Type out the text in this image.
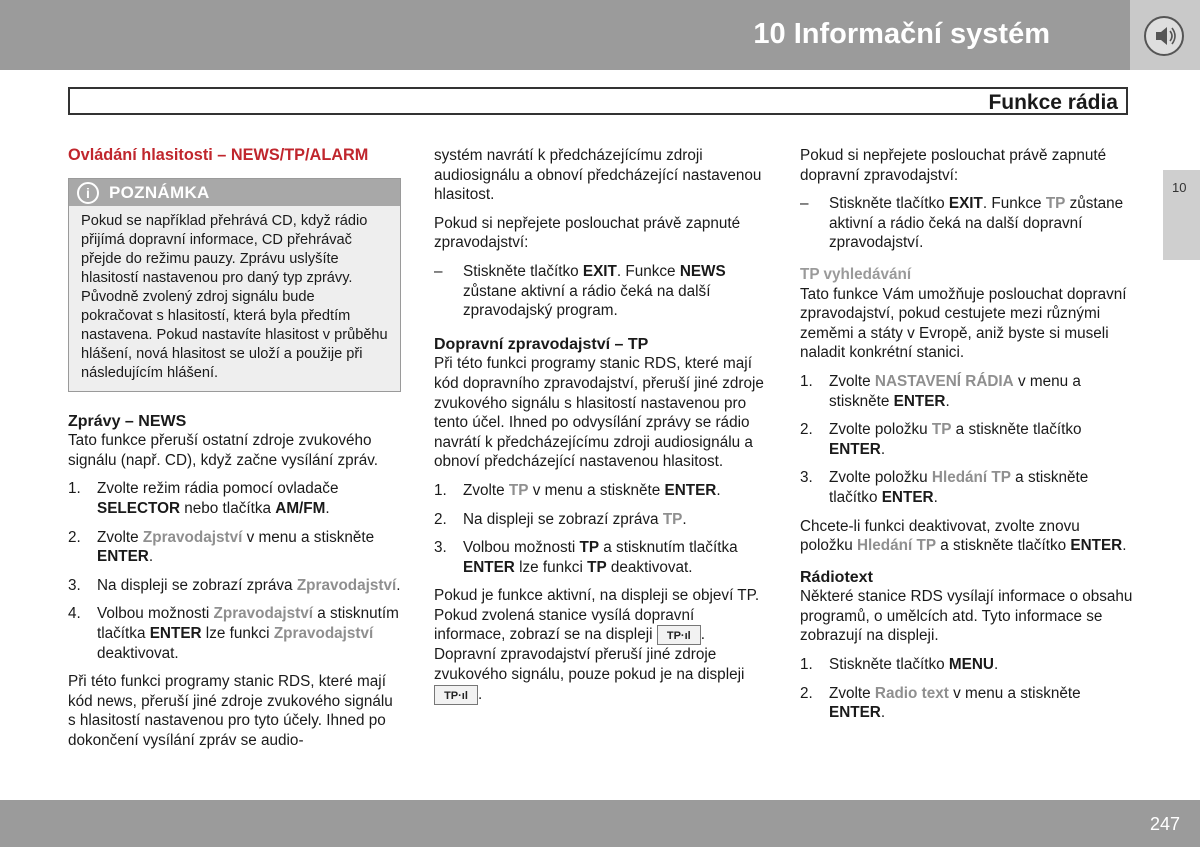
10 Informační systém
Funkce rádia
10
Ovládání hlasitosti – NEWS/TP/ALARM
i	POZNÁMKA
Pokud se například přehrává CD, když rádio přijímá dopravní informace, CD přehrávač přejde do režimu pauzy. Zprávu uslyšíte hlasitostí nastavenou pro daný typ zprávy. Původně zvolený zdroj signálu bude pokračovat s hlasitostí, která byla předtím nastavena. Pokud nastavíte hlasitost v průběhu hlášení, nová hlasitost se uloží a použije při následujícím hlášení.
Zprávy – NEWS

Tato funkce přeruší ostatní zdroje zvukového signálu (např. CD), když začne vysílání zpráv.

1. Zvolte režim rádia pomocí ovladače SELECTOR nebo tlačítka AM/FM.
2. Zvolte Zpravodajství v menu a stiskněte ENTER.
3. Na displeji se zobrazí zpráva Zpravodajství.
4. Volbou možnosti Zpravodajství a stisknutím tlačítka ENTER lze funkci Zpravodajství deaktivovat.

Při této funkci programy stanic RDS, které mají kód news, přeruší jiné zdroje zvukového signálu s hlasitostí nastavenou pro tyto účely. Ihned po dokončení vysílání zpráv se audio-

systém navrátí k předcházejícímu zdroji audiosignálu a obnoví předcházející nastavenou hlasitost.

Pokud si nepřejete poslouchat právě zapnuté zpravodajství:

– Stiskněte tlačítko EXIT. Funkce NEWS zůstane aktivní a rádio čeká na další zpravodajský program.
Dopravní zpravodajství – TP

Při této funkci programy stanic RDS, které mají kód dopravního zpravodajství, přeruší jiné zdroje zvukového signálu s hlasitostí nastavenou pro tento účel. Ihned po odvysílání zprávy se rádio navrátí k předcházejícímu zdroji audiosignálu a obnoví předcházející nastavenou hlasitost.

1. Zvolte TP v menu a stiskněte ENTER.
2. Na displeji se zobrazí zpráva TP.
3. Volbou možnosti TP a stisknutím tlačítka ENTER lze funkci TP deaktivovat.

Pokud je funkce aktivní, na displeji se objeví TP. Pokud zvolená stanice vysílá dopravní informace, zobrazí se na displeji TP·ıl . Dopravní zpravodajství přeruší jiné zdroje zvukového signálu, pouze pokud je na displeji TP·ıl .

Pokud si nepřejete poslouchat právě zapnuté dopravní zpravodajství:

– Stiskněte tlačítko EXIT. Funkce TP zůstane aktivní a rádio čeká na další dopravní zpravodajství.
TP vyhledávání

Tato funkce Vám umožňuje poslouchat dopravní zpravodajství, pokud cestujete mezi různými zeměmi a státy v Evropě, aniž byste si museli naladit konkrétní stanici.

1. Zvolte NASTAVENÍ RÁDIA v menu a stiskněte ENTER.
2. Zvolte položku TP a stiskněte tlačítko ENTER.
3. Zvolte položku Hledání TP a stiskněte tlačítko ENTER.

Chcete-li funkci deaktivovat, zvolte znovu položku Hledání TP a stiskněte tlačítko ENTER.

Rádiotext

Některé stanice RDS vysílají informace o obsahu programů, o umělcích atd. Tyto informace se zobrazují na displeji.

1. Stiskněte tlačítko MENU.
2. Zvolte Radio text v menu a stiskněte ENTER.
247
